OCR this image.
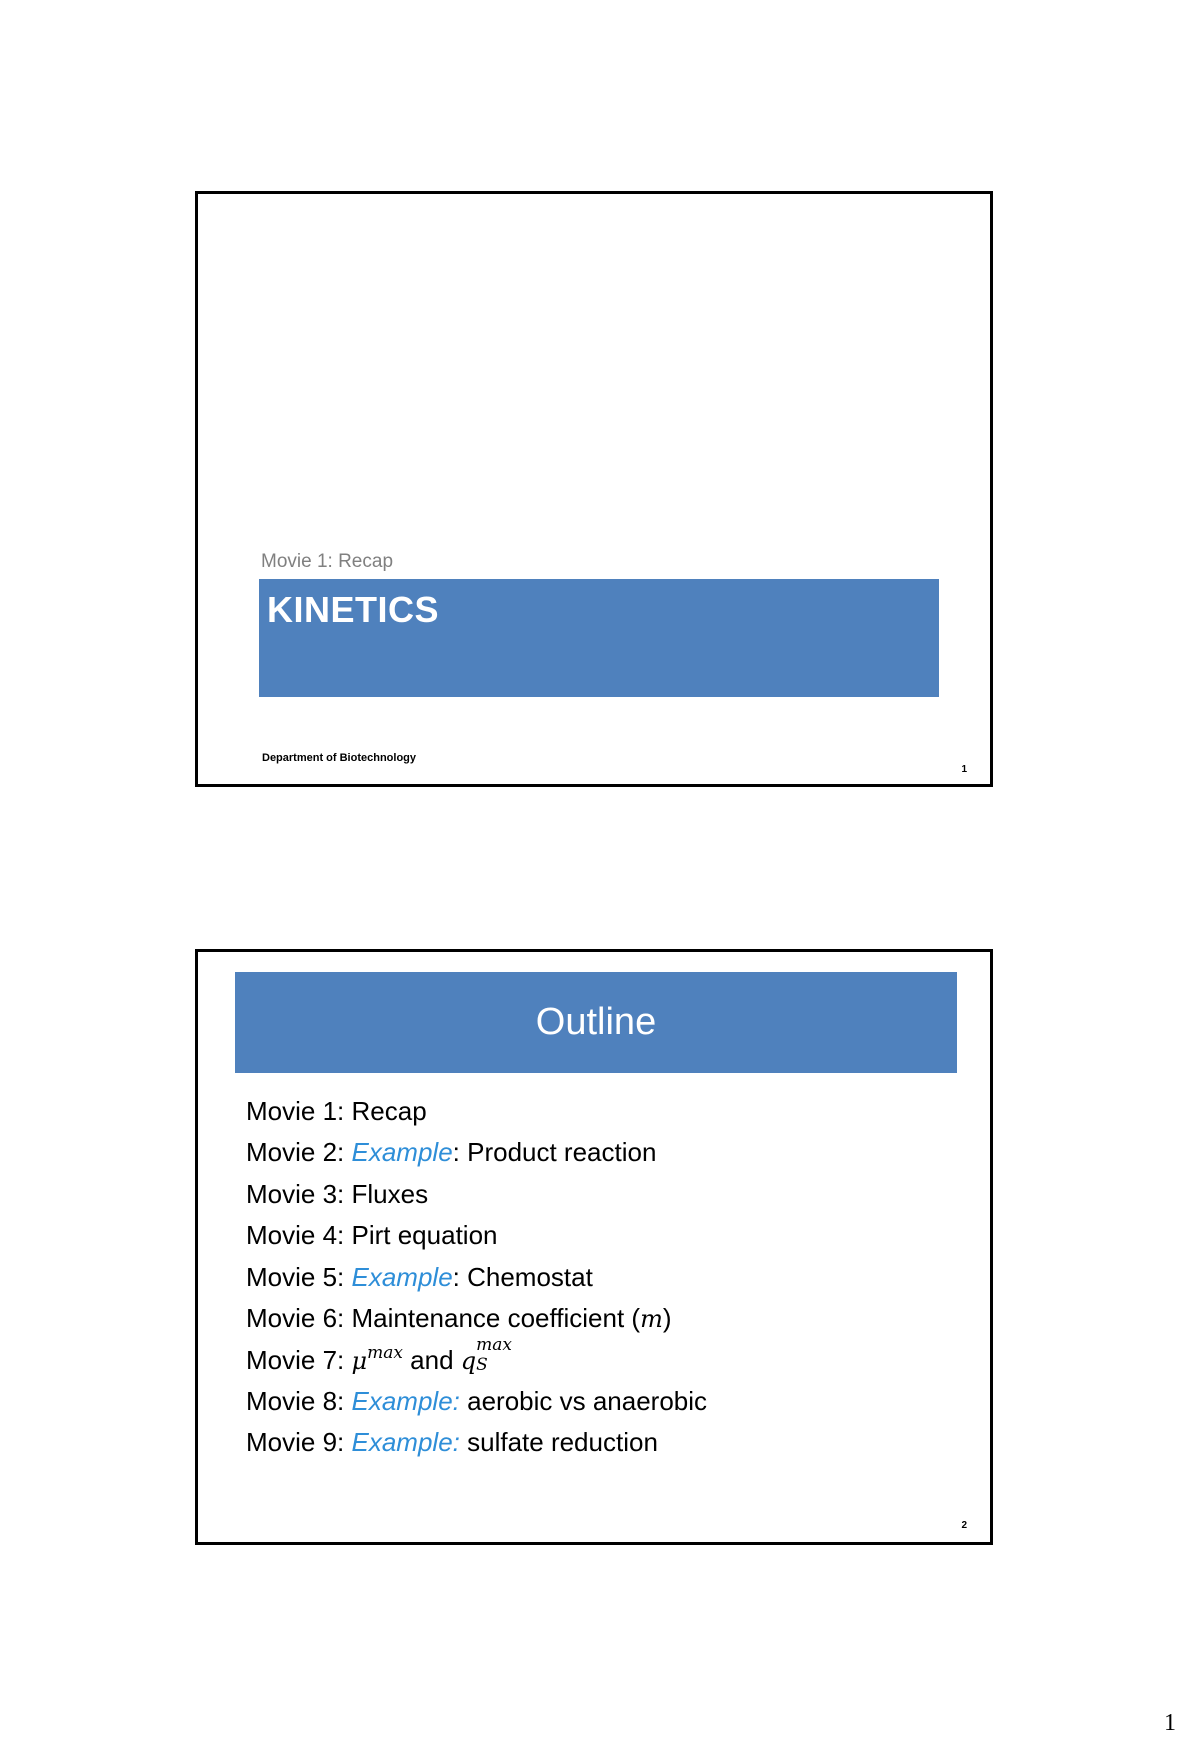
Movie 1: Recap
KINETICS
Department of Biotechnology
1
Outline
Movie 1: Recap
Movie 2: Example: Product reaction
Movie 3: Fluxes
Movie 4: Pirt equation
Movie 5: Example: Chemostat
Movie 6: Maintenance coefficient (m)
Movie 7: $\mu^{max}$ and q
max
S
Movie 8: Example: aerobic vs anaerobic
Movie 9: Example: sulfate reduction
2
1
